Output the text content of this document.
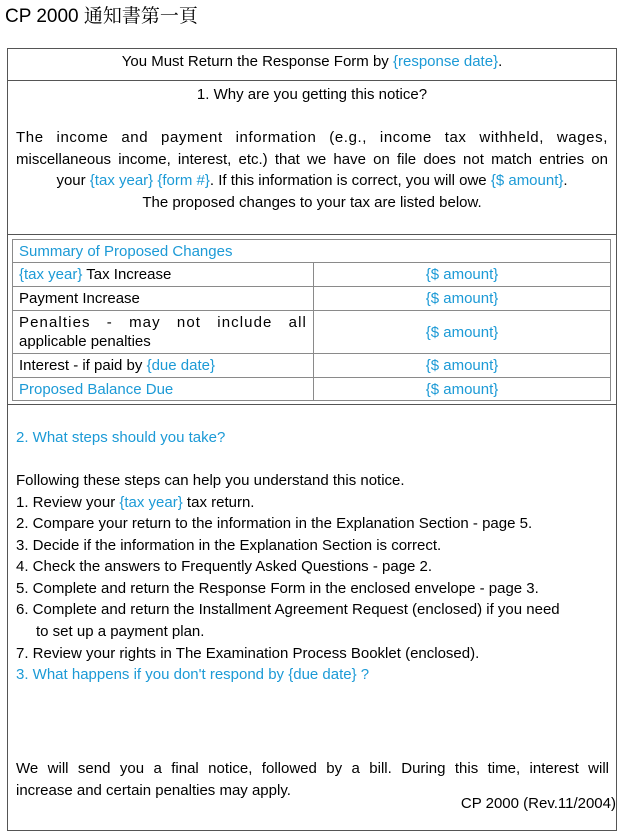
CP 2000 通知書第一頁
You Must Return the Response Form by {response date}.
1. Why are you getting this notice?
The income and payment information (e.g., income tax withheld, wages,
miscellaneous income, interest, etc.) that we have on file does not match entries on
your {tax year} {form #}. If this information is correct, you will owe {$ amount}.
The proposed changes to your tax are listed below.
Summary of Proposed Changes	
{tax year} Tax Increase	{$ amount}
Payment Increase	{$ amount}

Penalties - may not include all
applicable penalties	{$ amount}
Interest - if paid by {due date}	{$ amount}
Proposed Balance Due	{$ amount}
2. What steps should you take?
Following these steps can help you understand this notice.
1. Review your {tax year} tax return.
2. Compare your return to the information in the Explanation Section - page 5.
3. Decide if the information in the Explanation Section is correct.
4. Check the answers to Frequently Asked Questions - page 2.
5. Complete and return the Response Form in the enclosed envelope - page 3.
6. Complete and return the Installment Agreement Request (enclosed) if you need
to set up a payment plan.
7. Review your rights in The Examination Process Booklet (enclosed).
3. What happens if you don't respond by {due date} ?
We will send you a final notice, followed by a bill. During this time, interest will
increase and certain penalties may apply.
CP 2000 (Rev.11/2004)
